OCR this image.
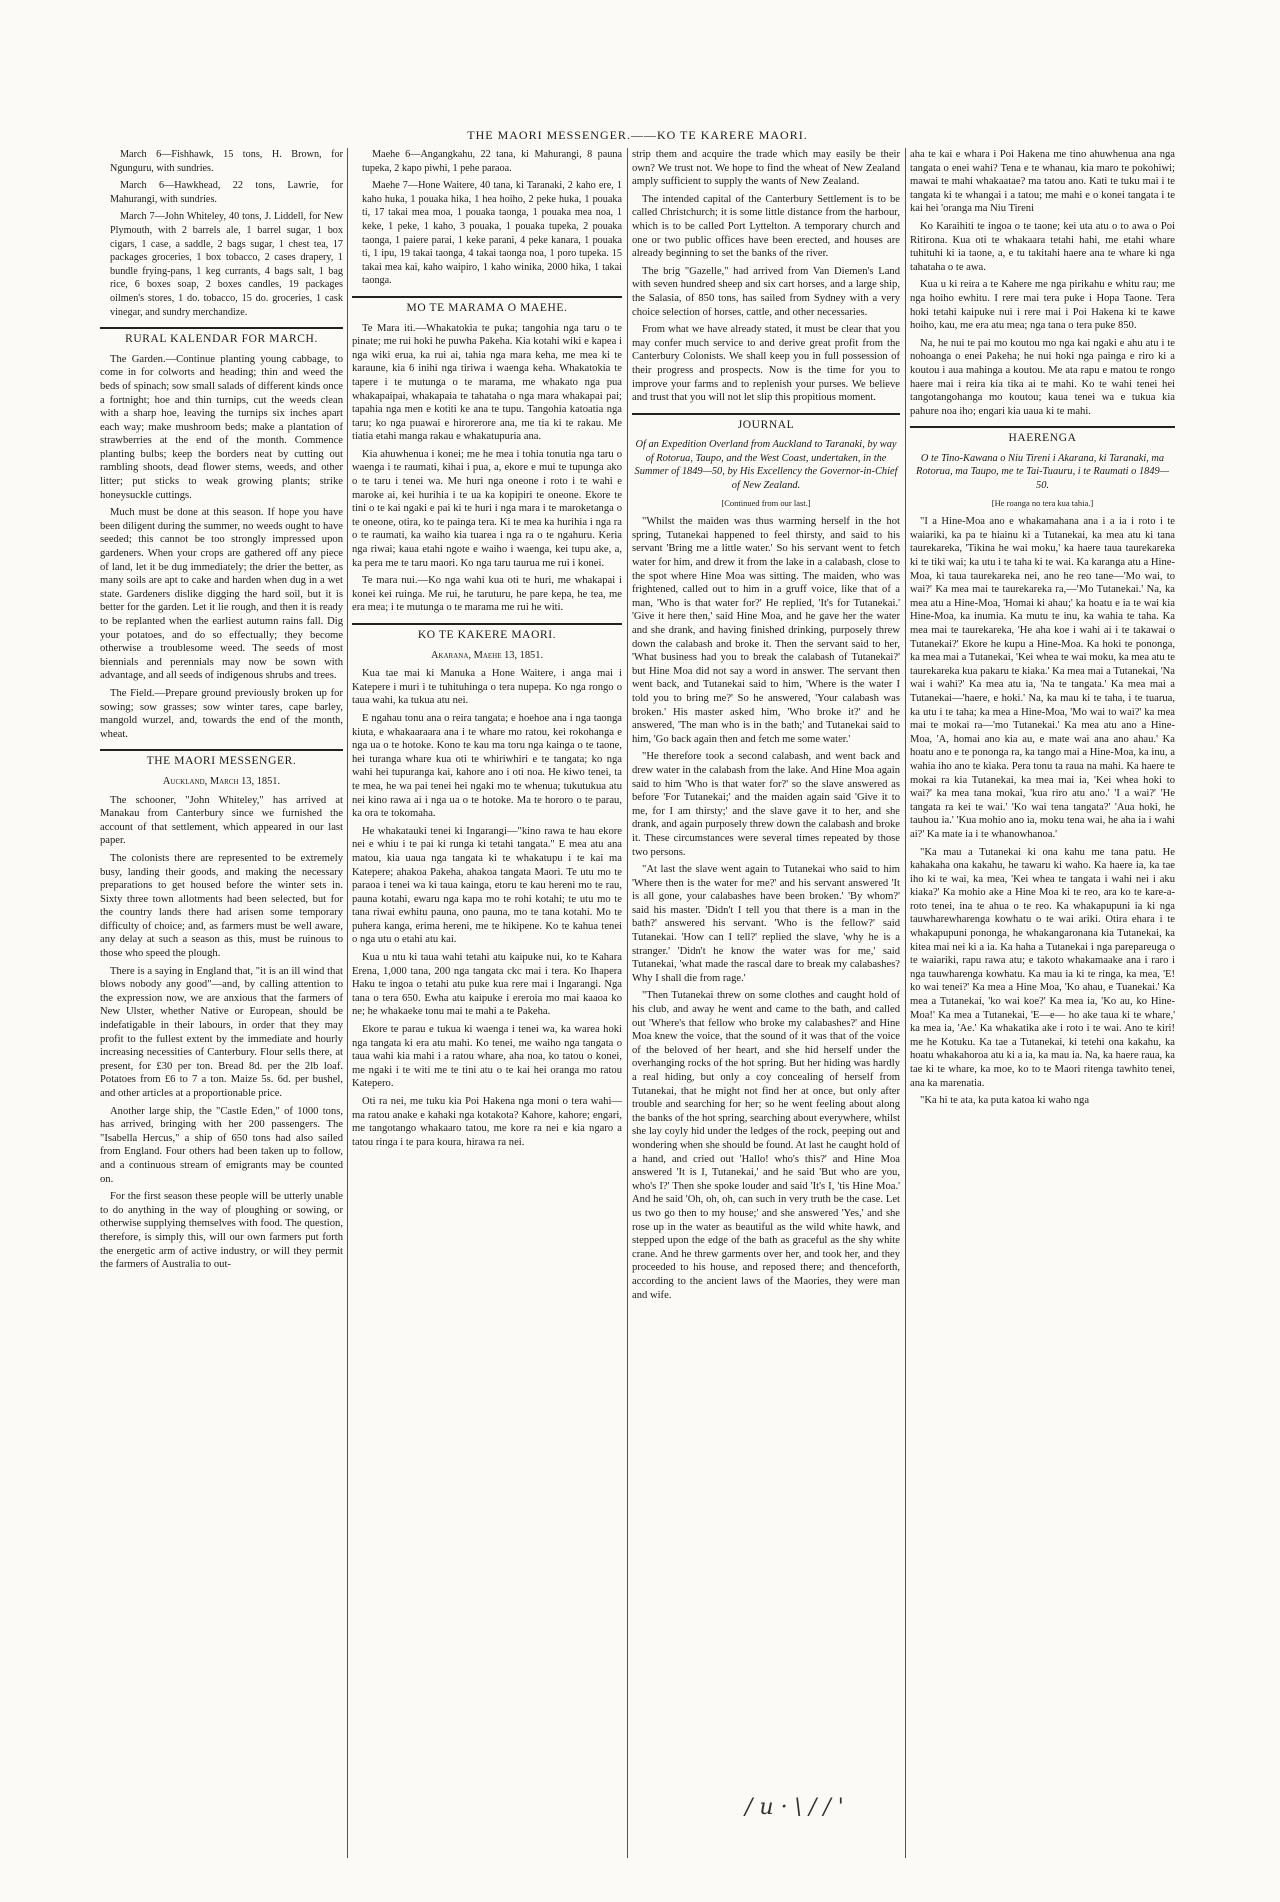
THE MAORI MESSENGER.——KO TE KARERE MAORI.

March 6—Fishhawk, 15 tons, H. Brown, for Ngunguru, with sundries.

March 6—Hawkhead, 22 tons, Lawrie, for Mahurangi, with sundries.

March 7—John Whiteley, 40 tons, J. Liddell, for New Plymouth, with 2 barrels ale, 1 barrel sugar, 1 box cigars, 1 case, a saddle, 2 bags sugar, 1 chest tea, 17 packages groceries, 1 box tobacco, 2 cases drapery, 1 bundle frying-pans, 1 keg currants, 4 bags salt, 1 bag rice, 6 boxes soap, 2 boxes candles, 19 packages oilmen's stores, 1 do. tobacco, 15 do. groceries, 1 cask vinegar, and sundry merchandize.

RURAL KALENDAR FOR MARCH.

The Garden.—Continue planting young cabbage, to come in for colworts and heading; thin and weed the beds of spinach; sow small salads of different kinds once a fortnight; hoe and thin turnips, cut the weeds clean with a sharp hoe, leaving the turnips six inches apart each way; make mushroom beds; make a plantation of strawberries at the end of the month. Commence planting bulbs; keep the borders neat by cutting out rambling shoots, dead flower stems, weeds, and other litter; put sticks to weak growing plants; strike honeysuckle cuttings.

Much must be done at this season. If hope you have been diligent during the summer, no weeds ought to have seeded; this cannot be too strongly impressed upon gardeners. When your crops are gathered off any piece of land, let it be dug immediately; the drier the better, as many soils are apt to cake and harden when dug in a wet state. Gardeners dislike digging the hard soil, but it is better for the garden. Let it lie rough, and then it is ready to be replanted when the earliest autumn rains fall. Dig your potatoes, and do so effectually; they become otherwise a troublesome weed. The seeds of most biennials and perennials may now be sown with advantage, and all seeds of indigenous shrubs and trees.

The Field.—Prepare ground previously broken up for sowing; sow grasses; sow winter tares, cape barley, mangold wurzel, and, towards the end of the month, wheat.

THE MAORI MESSENGER.
Auckland, March 13, 1851.

The schooner, "John Whiteley," has arrived at Manakau from Canterbury since we furnished the account of that settlement, which appeared in our last paper.

The colonists there are represented to be extremely busy, landing their goods, and making the necessary preparations to get housed before the winter sets in. Sixty three town allotments had been selected, but for the country lands there had arisen some temporary difficulty of choice; and, as farmers must be well aware, any delay at such a season as this, must be ruinous to those who speed the plough.

There is a saying in England that, "it is an ill wind that blows nobody any good"—and, by calling attention to the expression now, we are anxious that the farmers of New Ulster, whether Native or European, should be indefatigable in their labours, in order that they may profit to the fullest extent by the immediate and hourly increasing necessities of Canterbury. Flour sells there, at present, for £30 per ton. Bread 8d. per the 2lb loaf. Potatoes from £6 to 7 a ton. Maize 5s. 6d. per bushel, and other articles at a proportionable price.

Another large ship, the "Castle Eden," of 1000 tons, has arrived, bringing with her 200 passengers. The "Isabella Hercus," a ship of 650 tons had also sailed from England. Four others had been taken up to follow, and a continuous stream of emigrants may be counted on.

For the first season these people will be utterly unable to do anything in the way of ploughing or sowing, or otherwise supplying themselves with food. The question, therefore, is simply this, will our own farmers put forth the energetic arm of active industry, or will they permit the farmers of Australia to out-

Maehe 6—Angangkahu, 22 tana, ki Mahurangi, 8 pauna tupeka, 2 kapo piwhi, 1 pehe paraoa.

Maehe 7—Hone Waitere, 40 tana, ki Taranaki, 2 kaho ere, 1 kaho huka, 1 pouaka hika, 1 hea hoiho, 2 peke huka, 1 pouaka ti, 17 takai mea moa, 1 pouaka taonga, 1 pouaka mea noa, 1 keke, 1 peke, 1 kaho, 3 pouaka, 1 pouaka tupeka, 2 pouaka taonga, 1 paiere parai, 1 keke parani, 4 peke kanara, 1 pouaka ti, 1 ipu, 19 takai taonga, 4 takai taonga noa, 1 poro tupeka. 15 takai mea kai, kaho waipiro, 1 kaho winika, 2000 hika, 1 takai taonga.

MO TE MARAMA O MAEHE.

Te Mara iti.—Whakatokia te puka; tangohia nga taru o te pinate; me rui hoki he puwha Pakeha. Kia kotahi wiki e kapea i nga wiki erua, ka rui ai, tahia nga mara keha, me mea ki te karaune, kia 6 inihi nga tiriwa i waenga keha. Whakatokia te tapere i te mutunga o te marama, me whakato nga pua whakapaipai, whakapaia te tahataha o nga mara whakapai pai; tapahia nga men e kotiti ke ana te tupu. Tangohia katoatia nga taru; ko nga puawai e hirorerore ana, me tia ki te rakau. Me tiatia etahi manga rakau e whakatupuria ana.

Kia ahuwhenua i konei; me he mea i tohia tonutia nga taru o waenga i te raumati, kihai i pua, a, ekore e mui te tupunga ako o te taru i tenei wa. Me huri nga oneone i roto i te wahi e maroke ai, kei hurihia i te ua ka kopipiri te oneone. Ekore te tini o te kai ngaki e pai ki te huri i nga mara i te maroketanga o te oneone, otira, ko te painga tera. Ki te mea ka hurihia i nga ra o te raumati, ka waiho kia tuarea i nga ra o te ngahuru. Keria nga riwai; kaua etahi ngote e waiho i waenga, kei tupu ake, a, ka pera me te taru maori. Ko nga taru taurua me rui i konei.

Te mara nui.—Ko nga wahi kua oti te huri, me whakapai i konei kei ruinga. Me rui, he taruturu, he pare kepa, he tea, me era mea; i te mutunga o te marama me rui he witi.

KO TE KAKERE MAORI.
Akarana, Maehe 13, 1851.

Kua tae mai ki Manuka a Hone Waitere, i anga mai i Katepere i muri i te tuhituhinga o tera nupepa. Ko nga rongo o taua wahi, ka tukua atu nei.

E ngahau tonu ana o reira tangata; e hoehoe ana i nga taonga kiuta, e whakaaraara ana i te whare mo ratou, kei rokohanga e nga ua o te hotoke. Kono te kau ma toru nga kainga o te taone, hei turanga whare kua oti te whiriwhiri e te tangata; ko nga wahi hei tupuranga kai, kahore ano i oti noa. He kiwo tenei, ta te mea, he wa pai tenei hei ngaki mo te whenua; tukutukua atu nei kino rawa ai i nga ua o te hotoke. Ma te hororo o te parau, ka ora te tokomaha.

He whakatauki tenei ki Ingarangi—"kino rawa te hau ekore nei e whiu i te pai ki runga ki tetahi tangata." E mea atu ana matou, kia uaua nga tangata ki te whakatupu i te kai ma Katepere; ahakoa Pakeha, ahakoa tangata Maori. Te utu mo te paraoa i tenei wa ki taua kainga, etoru te kau hereni mo te rau, pauna kotahi, ewaru nga kapa mo te rohi kotahi; te utu mo te tana riwai ewhitu pauna, ono pauna, mo te tana kotahi. Mo te puhera kanga, erima hereni, me te hikipene. Ko te kahua tenei o nga utu o etahi atu kai.

Kua u ntu ki taua wahi tetahi atu kaipuke nui, ko te Kahara Erena, 1,000 tana, 200 nga tangata ckc mai i tera. Ko Ihapera Haku te ingoa o tetahi atu puke kua rere mai i Ingarangi. Nga tana o tera 650. Ewha atu kaipuke i ereroia mo mai kaaoa ko ne; he whakaeke tonu mai te mahi a te Pakeha.

Ekore te parau e tukua ki waenga i tenei wa, ka warea hoki nga tangata ki era atu mahi. Ko tenei, me waiho nga tangata o taua wahi kia mahi i a ratou whare, aha noa, ko tatou o konei, me ngaki i te witi me te tini atu o te kai hei oranga mo ratou Katepero.

Oti ra nei, me tuku kia Poi Hakena nga moni o tera wahi—ma ratou anake e kahaki nga kotakota? Kahore, kahore; engari, me tangotango whakaaro tatou, me kore ra nei e kia ngaro a tatou ringa i te para koura, hirawa ra nei.

strip them and acquire the trade which may easily be their own? We trust not. We hope to find the wheat of New Zealand amply sufficient to supply the wants of New Zealand.

The intended capital of the Canterbury Settlement is to be called Christchurch; it is some little distance from the harbour, which is to be called Port Lyttelton. A temporary church and one or two public offices have been erected, and houses are already beginning to set the banks of the river.

The brig "Gazelle," had arrived from Van Diemen's Land with seven hundred sheep and six cart horses, and a large ship, the Salasia, of 850 tons, has sailed from Sydney with a very choice selection of horses, cattle, and other necessaries.

From what we have already stated, it must be clear that you may confer much service to and derive great profit from the Canterbury Colonists. We shall keep you in full possession of their progress and prospects. Now is the time for you to improve your farms and to replenish your purses. We believe and trust that you will not let slip this propitious moment.

JOURNAL
Of an Expedition Overland from Auckland to Taranaki, by way of Rotorua, Taupo, and the West Coast, undertaken, in the Summer of 1849—50, by His Excellency the Governor-in-Chief of New Zealand.
[Continued from our last.]

"Whilst the maiden was thus warming herself in the hot spring, Tutanekai happened to feel thirsty, and said to his servant 'Bring me a little water.' So his servant went to fetch water for him, and drew it from the lake in a calabash, close to the spot where Hine Moa was sitting. The maiden, who was frightened, called out to him in a gruff voice, like that of a man, 'Who is that water for?' He replied, 'It's for Tutanekai.' 'Give it here then,' said Hine Moa, and he gave her the water and she drank, and having finished drinking, purposely threw down the calabash and broke it. Then the servant said to her, 'What business had you to break the calabash of Tutanekai?' but Hine Moa did not say a word in answer. The servant then went back, and Tutanekai said to him, 'Where is the water I told you to bring me?' So he answered, 'Your calabash was broken.' His master asked him, 'Who broke it?' and he answered, 'The man who is in the bath;' and Tutanekai said to him, 'Go back again then and fetch me some water.'

"He therefore took a second calabash, and went back and drew water in the calabash from the lake. And Hine Moa again said to him 'Who is that water for?' so the slave answered as before 'For Tutanekai;' and the maiden again said 'Give it to me, for I am thirsty;' and the slave gave it to her, and she drank, and again purposely threw down the calabash and broke it. These circumstances were several times repeated by those two persons.

"At last the slave went again to Tutanekai who said to him 'Where then is the water for me?' and his servant answered 'It is all gone, your calabashes have been broken.' 'By whom?' said his master. 'Didn't I tell you that there is a man in the bath?' answered his servant. 'Who is the fellow?' said Tutanekai. 'How can I tell?' replied the slave, 'why he is a stranger.' 'Didn't he know the water was for me,' said Tutanekai, 'what made the rascal dare to break my calabashes? Why I shall die from rage.'

"Then Tutanekai threw on some clothes and caught hold of his club, and away he went and came to the bath, and called out 'Where's that fellow who broke my calabashes?' and Hine Moa knew the voice, that the sound of it was that of the voice of the beloved of her heart, and she hid herself under the overhanging rocks of the hot spring. But her hiding was hardly a real hiding, but only a coy concealing of herself from Tutanekai, that he might not find her at once, but only after trouble and searching for her; so he went feeling about along the banks of the hot spring, searching about everywhere, whilst she lay coyly hid under the ledges of the rock, peeping out and wondering when she should be found. At last he caught hold of a hand, and cried out 'Hallo! who's this?' and Hine Moa answered 'It is I, Tutanekai,' and he said 'But who are you, who's I?' Then she spoke louder and said 'It's I, 'tis Hine Moa.' And he said 'Oh, oh, oh, can such in very truth be the case. Let us two go then to my house;' and she answered 'Yes,' and she rose up in the water as beautiful as the wild white hawk, and stepped upon the edge of the bath as graceful as the shy white crane. And he threw garments over her, and took her, and they proceeded to his house, and reposed there; and thenceforth, according to the ancient laws of the Maories, they were man and wife.

aha te kai e whara i Poi Hakena me tino ahuwhenua ana nga tangata o enei wahi? Tena e te whanau, kia maro te pokohiwi; mawai te mahi whakaatae? ma tatou ano. Kati te tuku mai i te tangata ki te whangai i a tatou; me mahi e o konei tangata i te kai hei 'oranga ma Niu Tireni

Ko Karaihiti te ingoa o te taone; kei uta atu o to awa o Poi Ritirona. Kua oti te whakaara tetahi hahi, me etahi whare tuhituhi ki ia taone, a, e tu takitahi haere ana te whare ki nga tahataha o te awa.

Kua u ki reira a te Kahere me nga pirikahu e whitu rau; me nga hoiho ewhitu. I rere mai tera puke i Hopa Taone. Tera hoki tetahi kaipuke nui i rere mai i Poi Hakena ki te kawe hoiho, kau, me era atu mea; nga tana o tera puke 850.

Na, he nui te pai mo koutou mo nga kai ngaki e ahu atu i te nohoanga o enei Pakeha; he nui hoki nga painga e riro ki a koutou i aua mahinga a koutou. Me ata rapu e matou te rongo haere mai i reira kia tika ai te mahi. Ko te wahi tenei hei tangotangohanga mo koutou; kaua tenei wa e tukua kia pahure noa iho; engari kia uaua ki te mahi.

HAERENGA
O te Tino-Kawana o Niu Tireni i Akarana, ki Taranaki, ma Rotorua, ma Taupo, me te Tai-Tuauru, i te Raumati o 1849—50.
[He roanga no tera kua tahia.]

"I a Hine-Moa ano e whakamahana ana i a ia i roto i te waiariki, ka pa te hiainu ki a Tutanekai, ka mea atu ki tana taurekareka, 'Tikina he wai moku,' ka haere taua taurekareka ki te tiki wai; ka utu i te taha ki te wai. Ka karanga atu a Hine-Moa, ki taua taurekareka nei, ano he reo tane—'Mo wai, to wai?' Ka mea mai te taurekareka ra,—'Mo Tutanekai.' Na, ka mea atu a Hine-Moa, 'Homai ki ahau;' ka hoatu e ia te wai kia Hine-Moa, ka inumia. Ka mutu te inu, ka wahia te taha. Ka mea mai te taurekareka, 'He aha koe i wahi ai i te takawai o Tutanekai?' Ekore he kupu a Hine-Moa. Ka hoki te pononga, ka mea mai a Tutanekai, 'Kei whea te wai moku, ka mea atu te taurekareka kua pakaru te kiaka.' Ka mea mai a Tutanekai, 'Na wai i wahi?' Ka mea atu ia, 'Na te tangata.' Ka mea mai a Tutanekai—'haere, e hoki.' Na, ka mau ki te taha, i te tuarua, ka utu i te taha; ka mea a Hine-Moa, 'Mo wai to wai?' ka mea mai te mokai ra—'mo Tutanekai.' Ka mea atu ano a Hine-Moa, 'A, homai ano kia au, e mate wai ana ano ahau.' Ka hoatu ano e te pononga ra, ka tango mai a Hine-Moa, ka inu, a wahia iho ano te kiaka. Pera tonu ta raua na mahi. Ka haere te mokai ra kia Tutanekai, ka mea mai ia, 'Kei whea hoki to wai?' ka mea tana mokai, 'kua riro atu ano.' 'I a wai?' 'He tangata ra kei te wai.' 'Ko wai tena tangata?' 'Aua hoki, he tauhou ia.' 'Kua mohio ano ia, moku tena wai, he aha ia i wahi ai?' Ka mate ia i te whanowhanoa.'

"Ka mau a Tutanekai ki ona kahu me tana patu. He kahakaha ona kakahu, he tawaru ki waho. Ka haere ia, ka tae iho ki te wai, ka mea, 'Kei whea te tangata i wahi nei i aku kiaka?' Ka mohio ake a Hine Moa ki te reo, ara ko te kare-a-roto tenei, ina te ahua o te reo. Ka whakapupuni ia ki nga tauwharewharenga kowhatu o te wai ariki. Otira ehara i te whakapupuni pononga, he whakangaronana kia Tutanekai, ka kitea mai nei ki a ia. Ka haha a Tutanekai i nga parepareuga o te waiariki, rapu rawa atu; e takoto whakamaake ana i raro i nga tauwharenga kowhatu. Ka mau ia ki te ringa, ka mea, 'E! ko wai tenei?' Ka mea a Hine Moa, 'Ko ahau, e Tuanekai.' Ka mea a Tutanekai, 'ko wai koe?' Ka mea ia, 'Ko au, ko Hine-Moa!' Ka mea a Tutanekai, 'E—e— ho ake taua ki te whare,' ka mea ia, 'Ae.' Ka whakatika ake i roto i te wai. Ano te kiri! me he Kotuku. Ka tae a Tutanekai, ki tetehi ona kakahu, ka hoatu whakahoroa atu ki a ia, ka mau ia. Na, ka haere raua, ka tae ki te whare, ka moe, ko to te Maori ritenga tawhito tenei, ana ka marenatia.

"Ka hi te ata, ka puta katoa ki waho nga

/ u · \ / / '
